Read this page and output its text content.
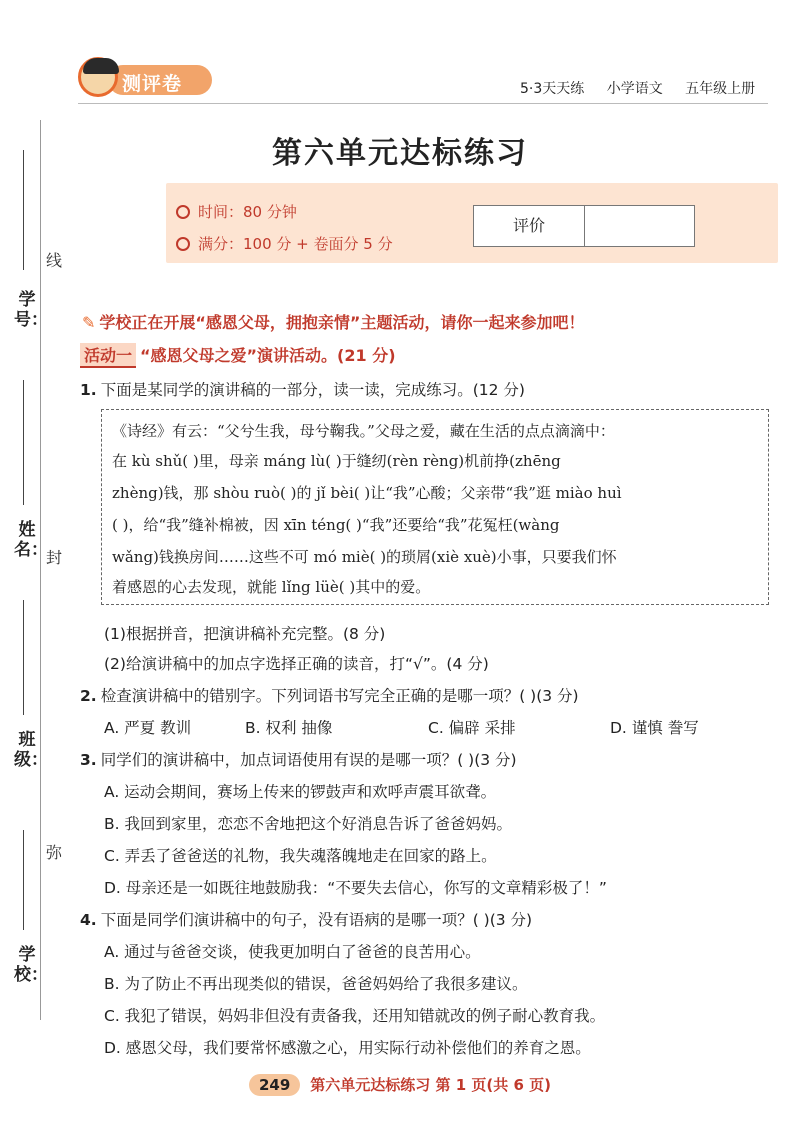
学号：
姓名：
班级：
学校：
线
封
弥
测评卷	5·3天天练 小学语文 五年级上册
第六单元达标练习
时间：80 分钟
满分：100 分 + 卷面分 5 分
评价
✎ 学校正在开展“感恩父母，拥抱亲情”主题活动，请你一起来参加吧！
活动一 “感恩父母之爱”演讲活动。(21 分)
1. 下面是某同学的演讲稿的一部分，读一读，完成练习。(12 分)
《诗经》有云：“父兮生我，母兮鞠我。”父母之爱，藏在生活的点点滴滴中：
在 kù shǔ( )里，母亲 máng lù( )于缝纫(rèn rèng)机前挣(zhēng
zhèng)钱，那 shòu ruò( )的 jǐ bèi( )让“我”心酸；父亲带“我”逛 miào huì
( )，给“我”缝补棉被，因 xīn téng( )“我”还要给“我”花冤枉(wàng
wǎng)钱换房间……这些不可 mó miè( )的琐屑(xiè xuè)小事，只要我们怀
着感恩的心去发现，就能 lǐng lüè( )其中的爱。
(1)根据拼音，把演讲稿补充完整。(8 分)
(2)给演讲稿中的加点字选择正确的读音，打“√”。(4 分)
2. 检查演讲稿中的错别字。下列词语书写完全正确的是哪一项？( )(3 分)
A. 严夏 教训	B. 权利 抽像	C. 偏辟 采排	D. 谨慎 誊写
3. 同学们的演讲稿中，加点词语使用有误的是哪一项？( )(3 分)
A. 运动会期间，赛场上传来的锣鼓声和欢呼声震耳欲聋。
B. 我回到家里，恋恋不舍地把这个好消息告诉了爸爸妈妈。
C. 弄丢了爸爸送的礼物，我失魂落魄地走在回家的路上。
D. 母亲还是一如既往地鼓励我：“不要失去信心，你写的文章精彩极了！”
4. 下面是同学们演讲稿中的句子，没有语病的是哪一项？( )(3 分)
A. 通过与爸爸交谈，使我更加明白了爸爸的良苦用心。
B. 为了防止不再出现类似的错误，爸爸妈妈给了我很多建议。
C. 我犯了错误，妈妈非但没有责备我，还用知错就改的例子耐心教育我。
D. 感恩父母，我们要常怀感激之心，用实际行动补偿他们的养育之恩。
249 第六单元达标练习 第 1 页(共 6 页)
